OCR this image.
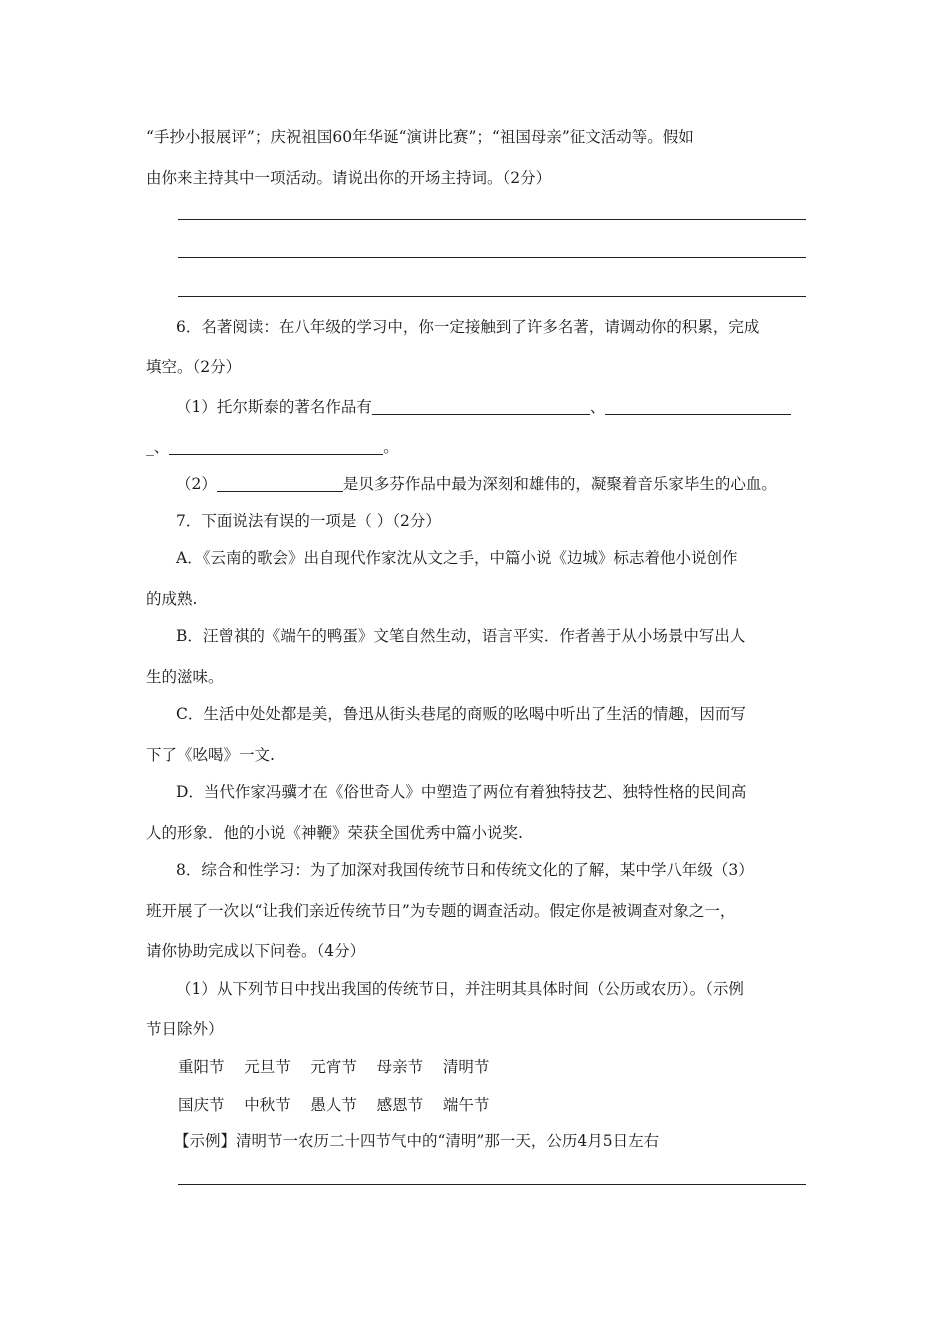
“手抄小报展评”；庆祝祖国60年华诞“演讲比赛”；“祖国母亲”征文活动等。假如
由你来主持其中一项活动。请说出你的开场主持词。（2分）
6．名著阅读：在八年级的学习中，你一定接触到了许多名著，请调动你的积累，完成
填空。（2分）
（1）托尔斯泰的著名作品有	、
_、	。
（2）	是贝多芬作品中最为深刻和雄伟的，凝聚着音乐家毕生的心血。
7．下面说法有误的一项是（ ）（2分）
A．《云南的歌会》出自现代作家沈从文之手，中篇小说《边城》标志着他小说创作
的成熟.
B．汪曾祺的《端午的鸭蛋》文笔自然生动，语言平实．作者善于从小场景中写出人
生的滋味。
C．生活中处处都是美，鲁迅从街头巷尾的商贩的吆喝中听出了生活的情趣，因而写
下了《吆喝》一文.
D．当代作家冯骥才在《俗世奇人》中塑造了两位有着独特技艺、独特性格的民间高
人的形象．他的小说《神鞭》荣获全国优秀中篇小说奖.
8．综合和性学习：为了加深对我国传统节日和传统文化的了解，某中学八年级（3）
班开展了一次以“让我们亲近传统节日”为专题的调查活动。假定你是被调查对象之一，
请你协助完成以下问卷。（4分）
（1）从下列节日中找出我国的传统节日，并注明其具体时间（公历或农历）。（示例
节日除外）
重阳节    元旦节    元宵节    母亲节    清明节
国庆节    中秋节    愚人节    感恩节    端午节
【示例】清明节一农历二十四节气中的“清明”那一天，公历4月5日左右
